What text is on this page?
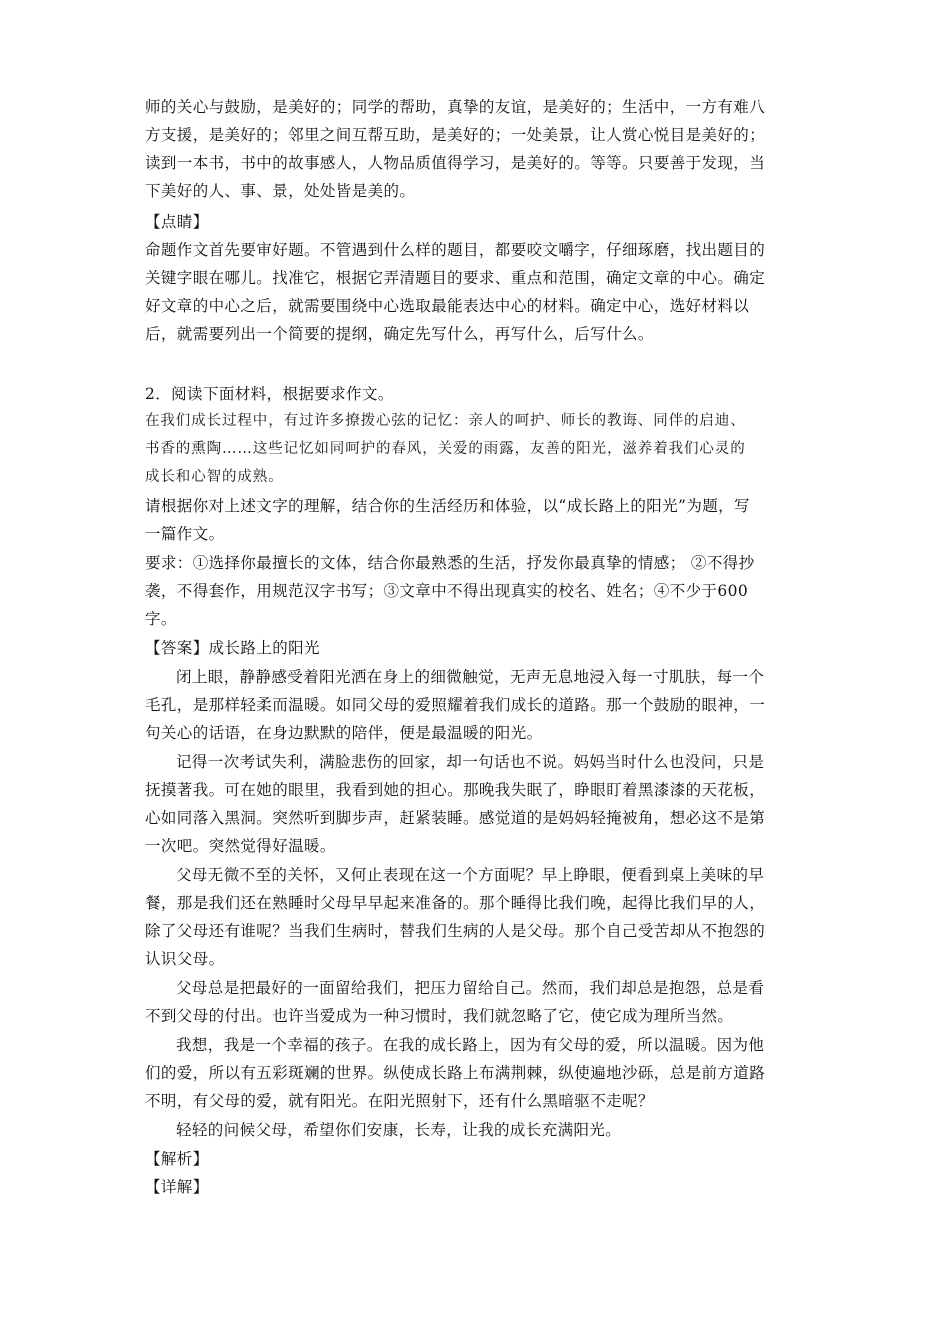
师的关心与鼓励，是美好的；同学的帮助，真挚的友谊，是美好的；生活中，一方有难八
方支援，是美好的；邻里之间互帮互助，是美好的；一处美景，让人赏心悦目是美好的；
读到一本书，书中的故事感人，人物品质值得学习，是美好的。等等。只要善于发现，当
下美好的人、事、景，处处皆是美的。
【点睛】
命题作文首先要审好题。不管遇到什么样的题目，都要咬文嚼字，仔细琢磨，找出题目的
关键字眼在哪儿。找准它，根据它弄清题目的要求、重点和范围，确定文章的中心。确定
好文章的中心之后，就需要围绕中心选取最能表达中心的材料。确定中心，选好材料以
后，就需要列出一个简要的提纲，确定先写什么，再写什么，后写什么。
2．阅读下面材料，根据要求作文。
在我们成长过程中，有过许多撩拨心弦的记忆：亲人的呵护、师长的教诲、同伴的启迪、
书香的熏陶……这些记忆如同呵护的春风，关爱的雨露，友善的阳光，滋养着我们心灵的
成长和心智的成熟。
请根据你对上述文字的理解，结合你的生活经历和体验，以“成长路上的阳光”为题，写
一篇作文。
要求：①选择你最擅长的文体，结合你最熟悉的生活，抒发你最真挚的情感； ②不得抄
袭，不得套作，用规范汉字书写；③文章中不得出现真实的校名、姓名；④不少于600
字。
【答案】成长路上的阳光
闭上眼，静静感受着阳光洒在身上的细微触觉，无声无息地浸入每一寸肌肤，每一个
毛孔，是那样轻柔而温暖。如同父母的爱照耀着我们成长的道路。那一个鼓励的眼神，一
句关心的话语，在身边默默的陪伴，便是最温暖的阳光。
记得一次考试失利，满脸悲伤的回家，却一句话也不说。妈妈当时什么也没问，只是
抚摸著我。可在她的眼里，我看到她的担心。那晚我失眠了，睁眼盯着黑漆漆的天花板，
心如同落入黑洞。突然听到脚步声，赶紧装睡。感觉道的是妈妈轻掩被角，想必这不是第
一次吧。突然觉得好温暖。
父母无微不至的关怀，又何止表现在这一个方面呢？早上睁眼，便看到桌上美味的早
餐，那是我们还在熟睡时父母早早起来准备的。那个睡得比我们晚，起得比我们早的人，
除了父母还有谁呢？当我们生病时，替我们生病的人是父母。那个自己受苦却从不抱怨的
认识父母。
父母总是把最好的一面留给我们，把压力留给自己。然而，我们却总是抱怨，总是看
不到父母的付出。也许当爱成为一种习惯时，我们就忽略了它，使它成为理所当然。
我想，我是一个幸福的孩子。在我的成长路上，因为有父母的爱，所以温暖。因为他
们的爱，所以有五彩斑斓的世界。纵使成长路上布满荆棘，纵使遍地沙砾，总是前方道路
不明，有父母的爱，就有阳光。在阳光照射下，还有什么黑暗驱不走呢？
轻轻的问候父母，希望你们安康，长寿，让我的成长充满阳光。
【解析】
【详解】
